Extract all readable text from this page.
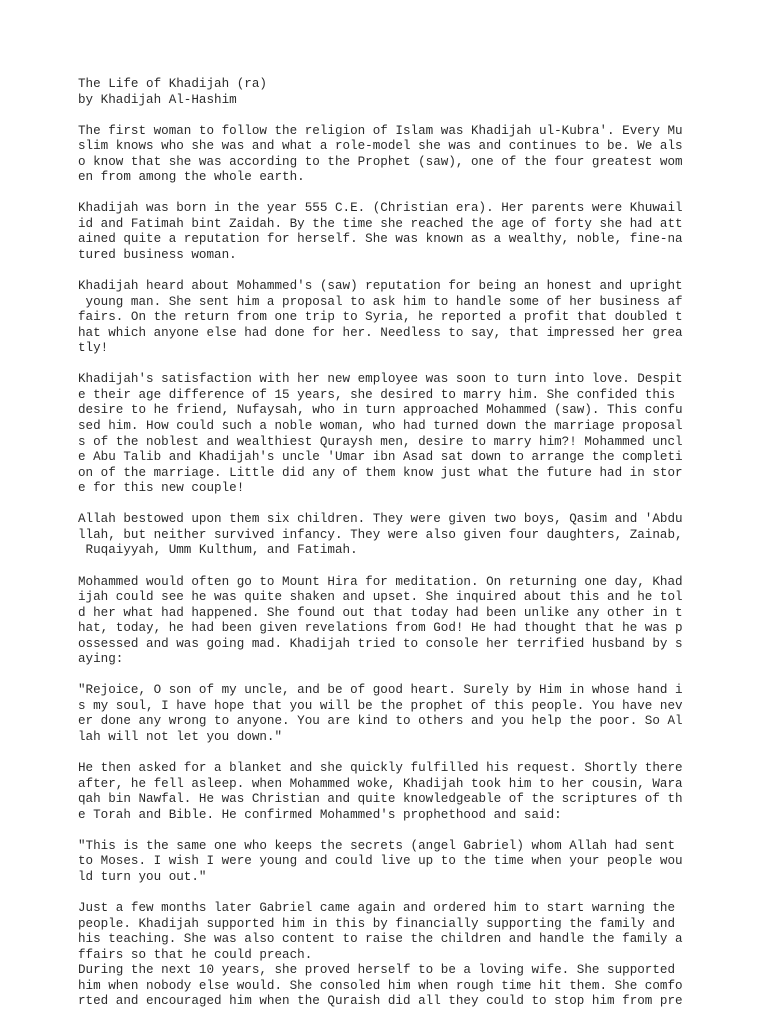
The Life of Khadijah (ra)
by Khadijah Al-Hashim
The first woman to follow the religion of Islam was Khadijah ul-Kubra'. Every Mu
slim knows who she was and what a role-model she was and continues to be. We als
o know that she was according to the Prophet (saw), one of the four greatest wom
en from among the whole earth.
Khadijah was born in the year 555 C.E. (Christian era). Her parents were Khuwail
id and Fatimah bint Zaidah. By the time she reached the age of forty she had att
ained quite a reputation for herself. She was known as a wealthy, noble, fine-na
tured business woman.
Khadijah heard about Mohammed's (saw) reputation for being an honest and upright
young man. She sent him a proposal to ask him to handle some of her business af
fairs. On the return from one trip to Syria, he reported a profit that doubled t
hat which anyone else had done for her. Needless to say, that impressed her grea
tly!
Khadijah's satisfaction with her new employee was soon to turn into love. Despit
e their age difference of 15 years, she desired to marry him. She confided this
desire to he friend, Nufaysah, who in turn approached Mohammed (saw). This confu
sed him. How could such a noble woman, who had turned down the marriage proposal
s of the noblest and wealthiest Quraysh men, desire to marry him?! Mohammed uncl
e Abu Talib and Khadijah's uncle 'Umar ibn Asad sat down to arrange the completi
on of the marriage. Little did any of them know just what the future had in stor
e for this new couple!
Allah bestowed upon them six children. They were given two boys, Qasim and 'Abdu
llah, but neither survived infancy. They were also given four daughters, Zainab,
Ruqaiyyah, Umm Kulthum, and Fatimah.
Mohammed would often go to Mount Hira for meditation. On returning one day, Khad
ijah could see he was quite shaken and upset. She inquired about this and he tol
d her what had happened. She found out that today had been unlike any other in t
hat, today, he had been given revelations from God! He had thought that he was p
ossessed and was going mad. Khadijah tried to console her terrified husband by s
aying:
"Rejoice, O son of my uncle, and be of good heart. Surely by Him in whose hand i
s my soul, I have hope that you will be the prophet of this people. You have nev
er done any wrong to anyone. You are kind to others and you help the poor. So Al
lah will not let you down."
He then asked for a blanket and she quickly fulfilled his request. Shortly there
after, he fell asleep. when Mohammed woke, Khadijah took him to her cousin, Wara
qah bin Nawfal. He was Christian and quite knowledgeable of the scriptures of th
e Torah and Bible. He confirmed Mohammed's prophethood and said:
"This is the same one who keeps the secrets (angel Gabriel) whom Allah had sent
to Moses. I wish I were young and could live up to the time when your people wou
ld turn you out."
Just a few months later Gabriel came again and ordered him to start warning the
people. Khadijah supported him in this by financially supporting the family and
his teaching. She was also content to raise the children and handle the family a
ffairs so that he could preach.
During the next 10 years, she proved herself to be a loving wife. She supported
him when nobody else would. She consoled him when rough time hit them. She comfo
rted and encouraged him when the Quraish did all they could to stop him from pre
